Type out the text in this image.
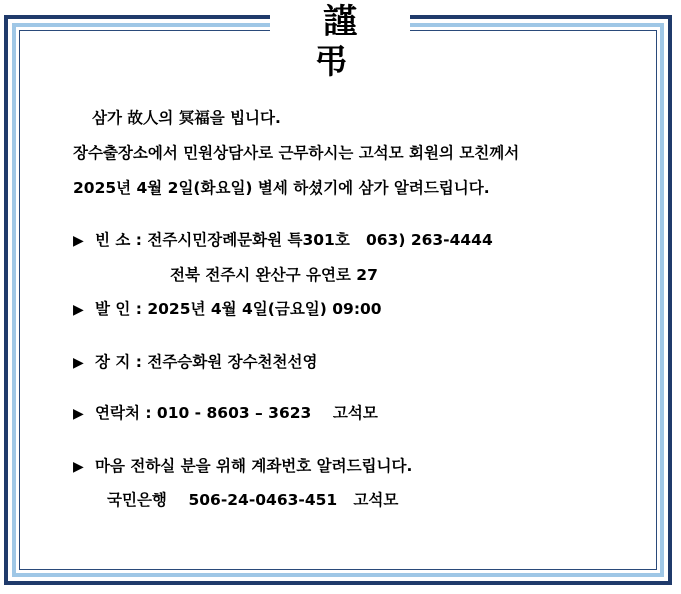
謹 弔
삼가 故人의 冥福을 빕니다.
장수출장소에서 민원상담사로 근무하시는 고석모 회원의 모친께서
2025년 4월 2일(화요일) 별세 하셨기에 삼가 알려드립니다.
▶ 빈 소 : 전주시민장례문화원 특301호   063) 263-4444
전북 전주시 완산구 유연로 27
▶ 발 인 : 2025년 4월 4일(금요일) 09:00
▶ 장 지 : 전주승화원 장수천천선영
▶ 연락처 : 010 - 8603 – 3623    고석모
▶ 마음 전하실 분을 위해 계좌번호 알려드립니다.
국민은행    506-24-0463-451   고석모
